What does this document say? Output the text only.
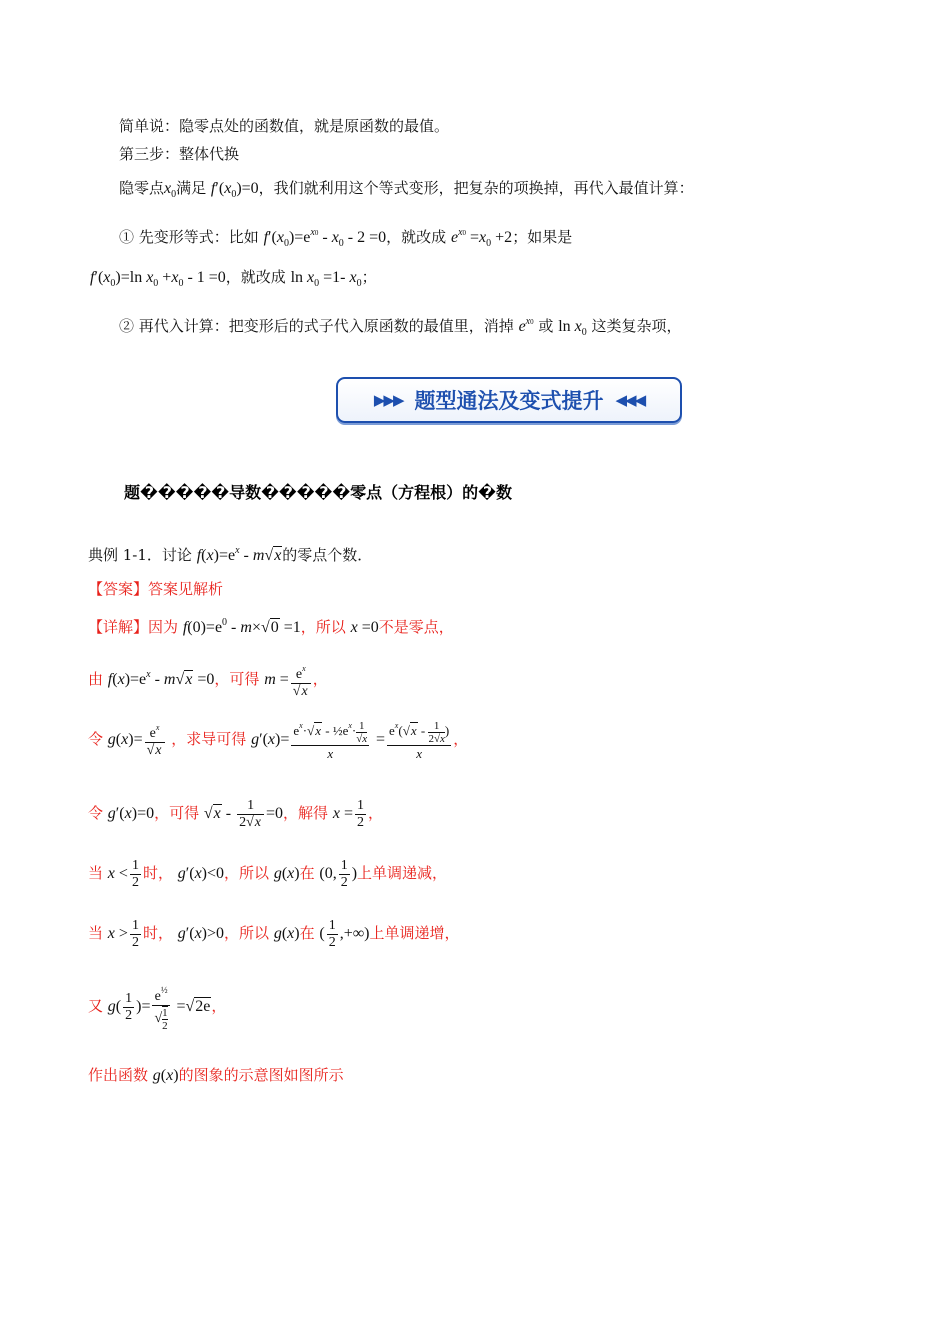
简单说：隐零点处的函数值，就是原函数的最值。
第三步：整体代换
隐零点$x_0$满足 $f'(x_0)=0$，我们就利用这个等式变形，把复杂的项换掉，再代入最值计算：
① 先变形等式：比如 $f'(x_0)=e^{x0} - x_0 - 2 =0$，就改成 $e^{x0} =x_0 +2$；如果是
$f'(x_0)=\ln$ $x_0 +x_0 - 1 =0$，就改成 $\ln x_0 =1-$ $x_0$；
② 再代入计算：把变形后的式子代入原函数的最值里，消掉 $e^{x0}$ 或 $\ln x_0$ 这类复杂项，
▶▶▶ 题型通法及变式提升 ◀◀◀
题�����导数�����零点（方程根）的�数
典例 1-1．讨论 $f(x)=e^x - m√x$的零点个数．
【答案】答案见解析
【详解】因为 $f(0)=e^0 - m\times√0 =1$，所以 x =0不是零点，
由 $f(x)=e^x - m√x =0$，可得 $m = \frac{e^x}{√x}$ ，
令 $g(x)= \frac{e^x}{√x}$ ，求导可得 $g'(x)= \frac{e^x\cdot√x - \frac{1}{2}e^x\cdot \frac{1}{√x}}{x} = \frac{e^x(√x - \frac{1}{2√x} )}{x}$ ，
令 g′(x)=0，可得 $√x - \frac{1}{2√x} =0$，解得 $x = \frac{1}{2}$ ，
当 $x < \frac{1}{2}$ 时， g′(x)<0，所以 g(x)在 (0, $\frac{1}{2}$ )上单调递减，
当 $x > \frac{1}{2}$ 时， g′(x)>0，所以 g(x)在 ( $\frac{1}{2}$ ,+∞)上单调递增，
又 $g( \frac{1}{2}$ )= $\frac{e^{\frac{1}{2}}}{√ \frac{1}{2}} =√2e$，
作出函数 g(x)的图象的示意图如图所示
